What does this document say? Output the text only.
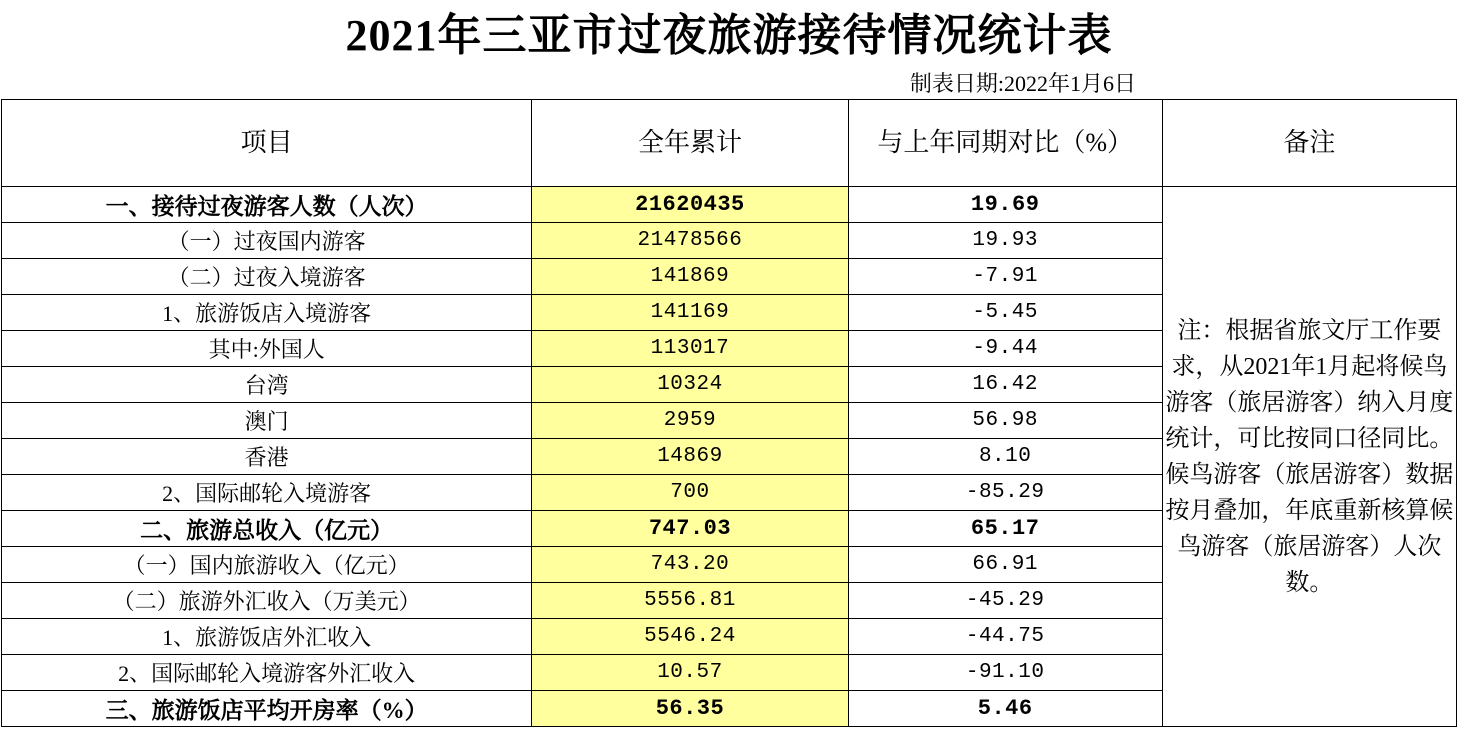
2021年三亚市过夜旅游接待情况统计表
制表日期:2022年1月6日
项目	全年累计	与上年同期对比（%）	备注
一、接待过夜游客人数（人次）	21620435	19.69	注：根据省旅文厅工作要求，从2021年1月起将候鸟游客（旅居游客）纳入月度统计，可比按同口径同比。候鸟游客（旅居游客）数据按月叠加，年底重新核算候鸟游客（旅居游客）人次数。

（一）过夜国内游客	21478566	19.93	
（二）过夜入境游客	141869	-7.91	
1、旅游饭店入境游客	141169	-5.45	
其中:外国人	113017	-9.44	
台湾	10324	16.42	
澳门	2959	56.98	
香港	14869	8.10	
2、国际邮轮入境游客	700	-85.29	
二、旅游总收入（亿元）	747.03	65.17	
（一）国内旅游收入（亿元）	743.20	66.91	
（二）旅游外汇收入（万美元）	5556.81	-45.29	
1、旅游饭店外汇收入	5546.24	-44.75	
2、国际邮轮入境游客外汇收入	10.57	-91.10	
三、旅游饭店平均开房率（%）	56.35	5.46	
